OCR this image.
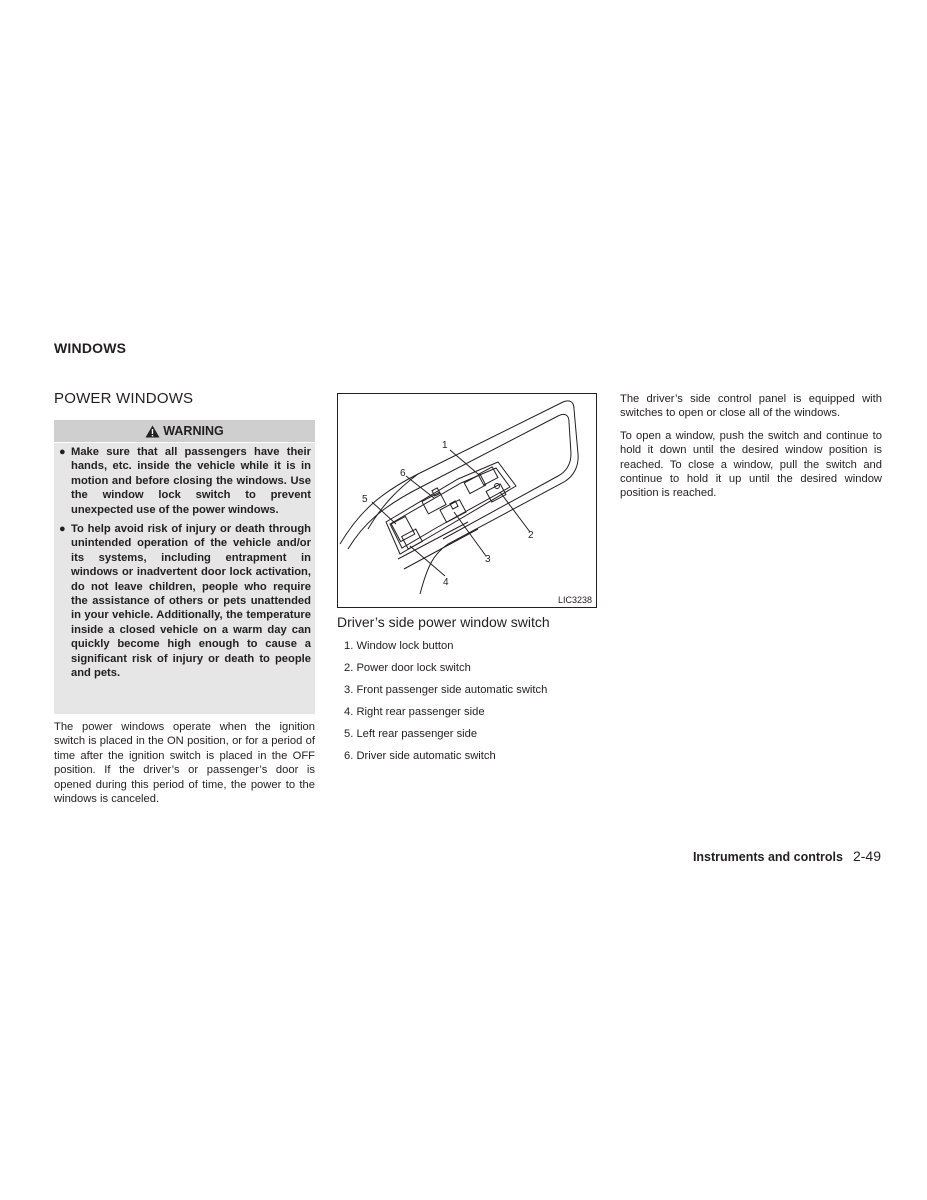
WINDOWS
POWER WINDOWS
WARNING
● Make sure that all passengers have their hands, etc. inside the vehicle while it is in motion and before closing the windows. Use the window lock switch to prevent unexpected use of the power windows.
● To help avoid risk of injury or death through unintended operation of the vehicle and/or its systems, including entrapment in windows or inadvertent door lock activation, do not leave children, people who require the assistance of others or pets unattended in your vehicle. Additionally, the temperature inside a closed vehicle on a warm day can quickly become high enough to cause a significant risk of injury or death to people and pets.

The power windows operate when the ignition switch is placed in the ON position, or for a period of time after the ignition switch is placed in the OFF position. If the driver’s or passenger’s door is opened during this period of time, the power to the windows is canceled.

1
2
3
4
5
6
LIC3238

Driver’s side power window switch

1. Window lock button
2. Power door lock switch
3. Front passenger side automatic switch
4. Right rear passenger side
5. Left rear passenger side
6. Driver side automatic switch

The driver’s side control panel is equipped with switches to open or close all of the windows.

To open a window, push the switch and continue to hold it down until the desired window position is reached. To close a window, pull the switch and continue to hold it up until the desired window position is reached.

Instruments and controls 2-49
